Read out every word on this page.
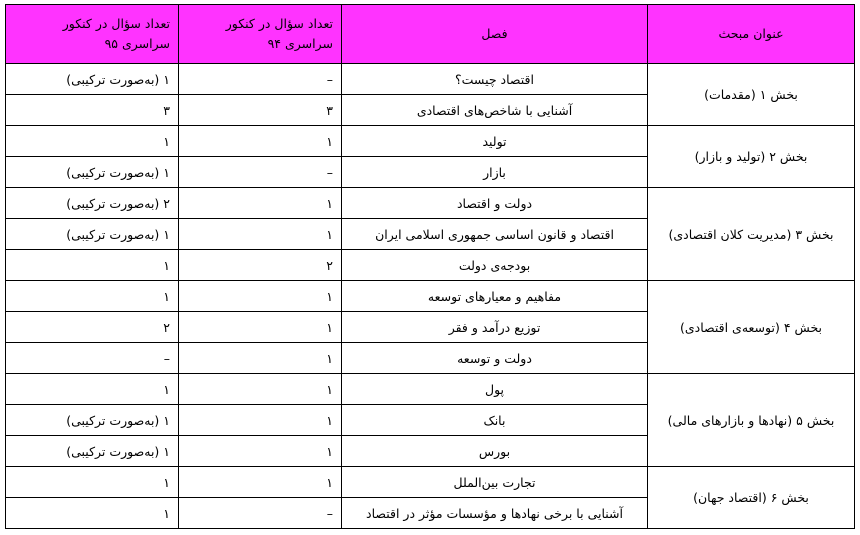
عنوان مبحث	فصل	تعداد سؤال در کنکور سراسری ۹۴	تعداد سؤال در کنکور سراسری ۹۵
بخش ۱ (مقدمات)	اقتصاد چیست؟	–	۱ (به‌صورت ترکیبی)
	آشنایی با شاخص‌های اقتصادی	۳	۳
بخش ۲ (تولید و بازار)	تولید	۱	۱
	بازار	–	۱ (به‌صورت ترکیبی)
بخش ۳ (مدیریت کلان اقتصادی)	دولت و اقتصاد	۱	۲ (به‌صورت ترکیبی)
	اقتصاد و قانون اساسی جمهوری اسلامی ایران	۱	۱ (به‌صورت ترکیبی)
	بودجه‌ی دولت	۲	۱
بخش ۴ (توسعه‌ی اقتصادی)	مفاهیم و معیارهای توسعه	۱	۱
	توزیع درآمد و فقر	۱	۲
	دولت و توسعه	۱	–
بخش ۵ (نهادها و بازارهای مالی)	پول	۱	۱
	بانک	۱	۱ (به‌صورت ترکیبی)
	بورس	۱	۱ (به‌صورت ترکیبی)
بخش ۶ (اقتصاد جهان)	تجارت بین‌الملل	۱	۱
	آشنایی با برخی نهادها و مؤسسات مؤثر در اقتصاد	–	۱
